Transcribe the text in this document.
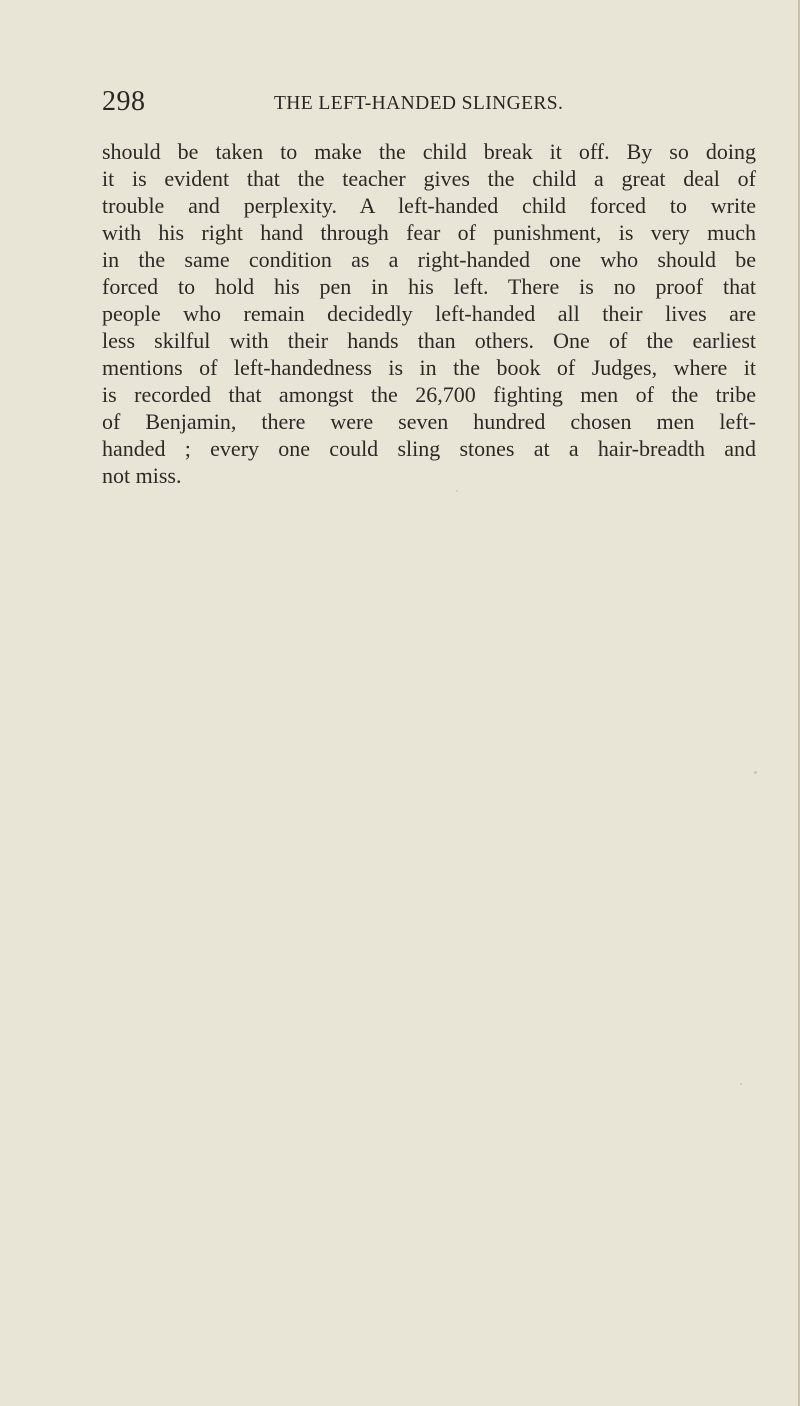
298	THE LEFT-HANDED SLINGERS.
should be taken to make the child break it off. By so doing
it is evident that the teacher gives the child a great deal of
trouble and perplexity. A left-handed child forced to write
with his right hand through fear of punishment, is very much
in the same condition as a right-handed one who should be
forced to hold his pen in his left. There is no proof that
people who remain decidedly left-handed all their lives are
less skilful with their hands than others. One of the earliest
mentions of left-handedness is in the book of Judges, where it
is recorded that amongst the 26,700 fighting men of the tribe
of Benjamin, there were seven hundred chosen men left-
handed ; every one could sling stones at a hair-breadth and
not miss.
